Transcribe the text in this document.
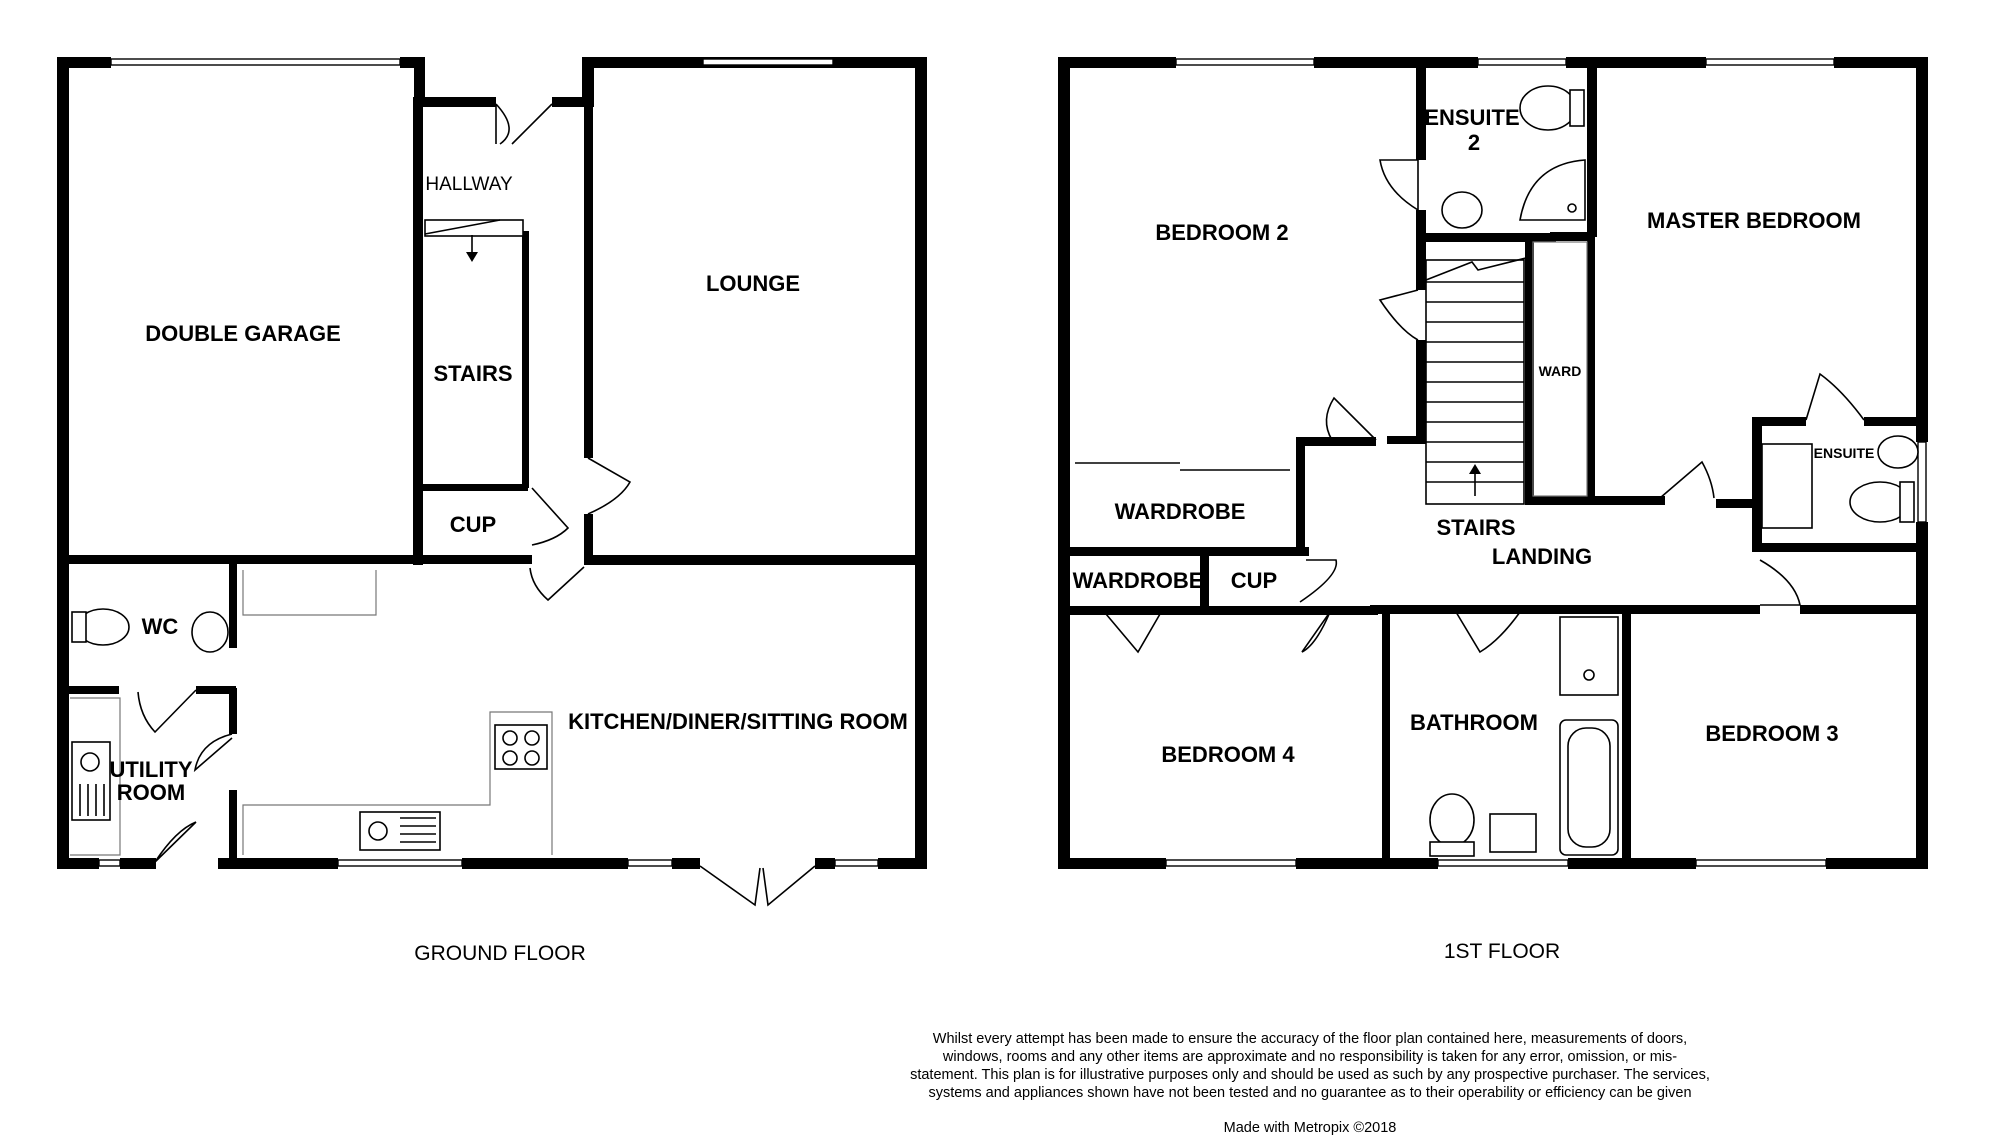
DOUBLE GARAGE
HALLWAY
STAIRS
LOUNGE
CUP
WC
UTILITY
ROOM
KITCHEN/DINER/SITTING ROOM
GROUND FLOOR
BEDROOM 2
ENSUITE
2
MASTER BEDROOM
WARD
WARDROBE
WARDROBE CUP
STAIRS
LANDING
ENSUITE
BEDROOM 4
BATHROOM	BEDROOM 3
1ST FLOOR
Whilst every attempt has been made to ensure the accuracy of the floor plan contained here, measurements of doors, windows, rooms and any other items are approximate and no responsibility is taken for any error, omission, or mis-statement. This plan is for illustrative purposes only and should be used as such by any prospective purchaser. The services, systems and appliances shown have not been tested and no guarantee as to their operability or efficiency can be given
Made with Metropix ©2018
